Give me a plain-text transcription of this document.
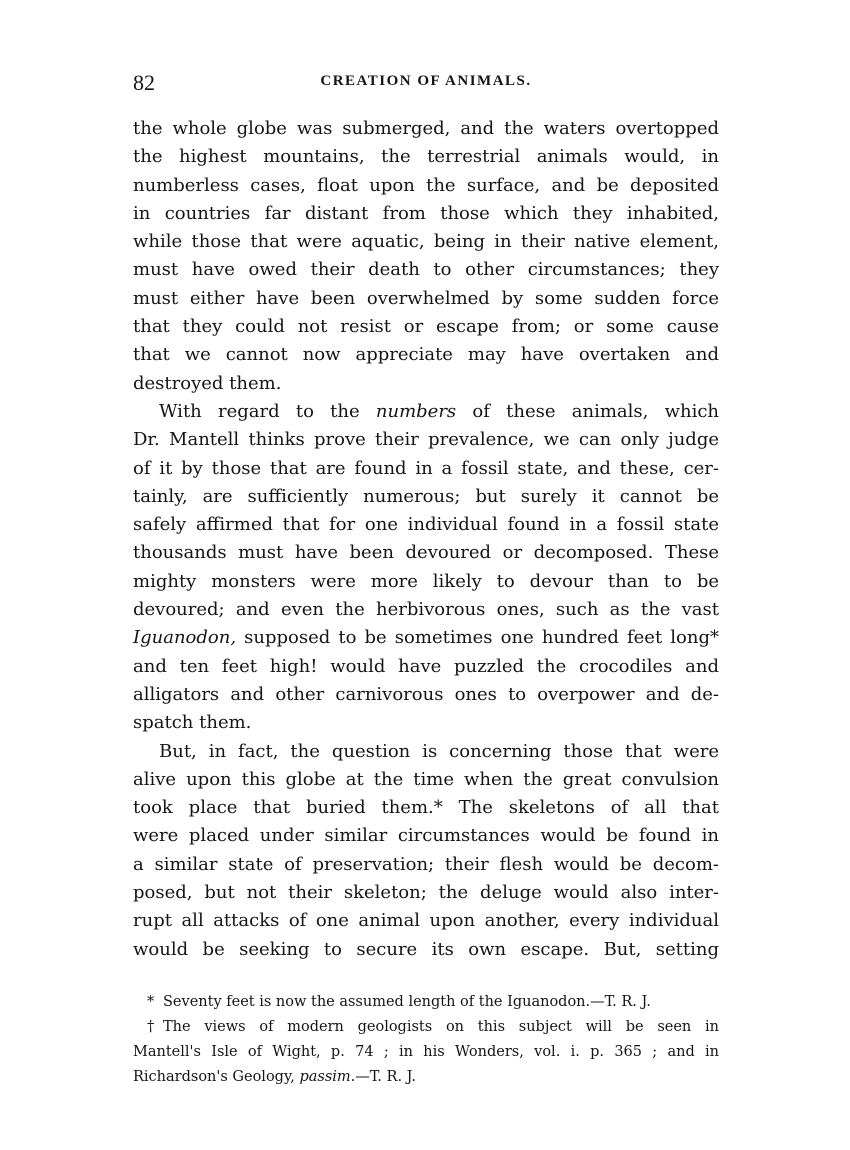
82	CREATION OF ANIMALS.

the whole globe was submerged, and the waters overtopped
the highest mountains, the terrestrial animals would, in
numberless cases, float upon the surface, and be deposited
in countries far distant from those which they inhabited,
while those that were aquatic, being in their native element,
must have owed their death to other circumstances; they
must either have been overwhelmed by some sudden force
that they could not resist or escape from; or some cause
that we cannot now appreciate may have overtaken and
destroyed them.

With regard to the numbers of these animals, which
Dr. Mantell thinks prove their prevalence, we can only judge
of it by those that are found in a fossil state, and these, cer-
tainly, are sufficiently numerous; but surely it cannot be
safely affirmed that for one individual found in a fossil state
thousands must have been devoured or decomposed. These
mighty monsters were more likely to devour than to be
devoured; and even the herbivorous ones, such as the vast
Iguanodon, supposed to be sometimes one hundred feet long*
and ten feet high! would have puzzled the crocodiles and
alligators and other carnivorous ones to overpower and de-
spatch them.

But, in fact, the question is concerning those that were
alive upon this globe at the time when the great convulsion
took place that buried them.* The skeletons of all that
were placed under similar circumstances would be found in
a similar state of preservation; their flesh would be decom-
posed, but not their skeleton; the deluge would also inter-
rupt all attacks of one animal upon another, every individual
would be seeking to secure its own escape. But, setting

* Seventy feet is now the assumed length of the Iguanodon.—T. R. J.
† The views of modern geologists on this subject will be seen in
Mantell's Isle of Wight, p. 74 ; in his Wonders, vol. i. p. 365 ; and in
Richardson's Geology, passim.—T. R. J.
